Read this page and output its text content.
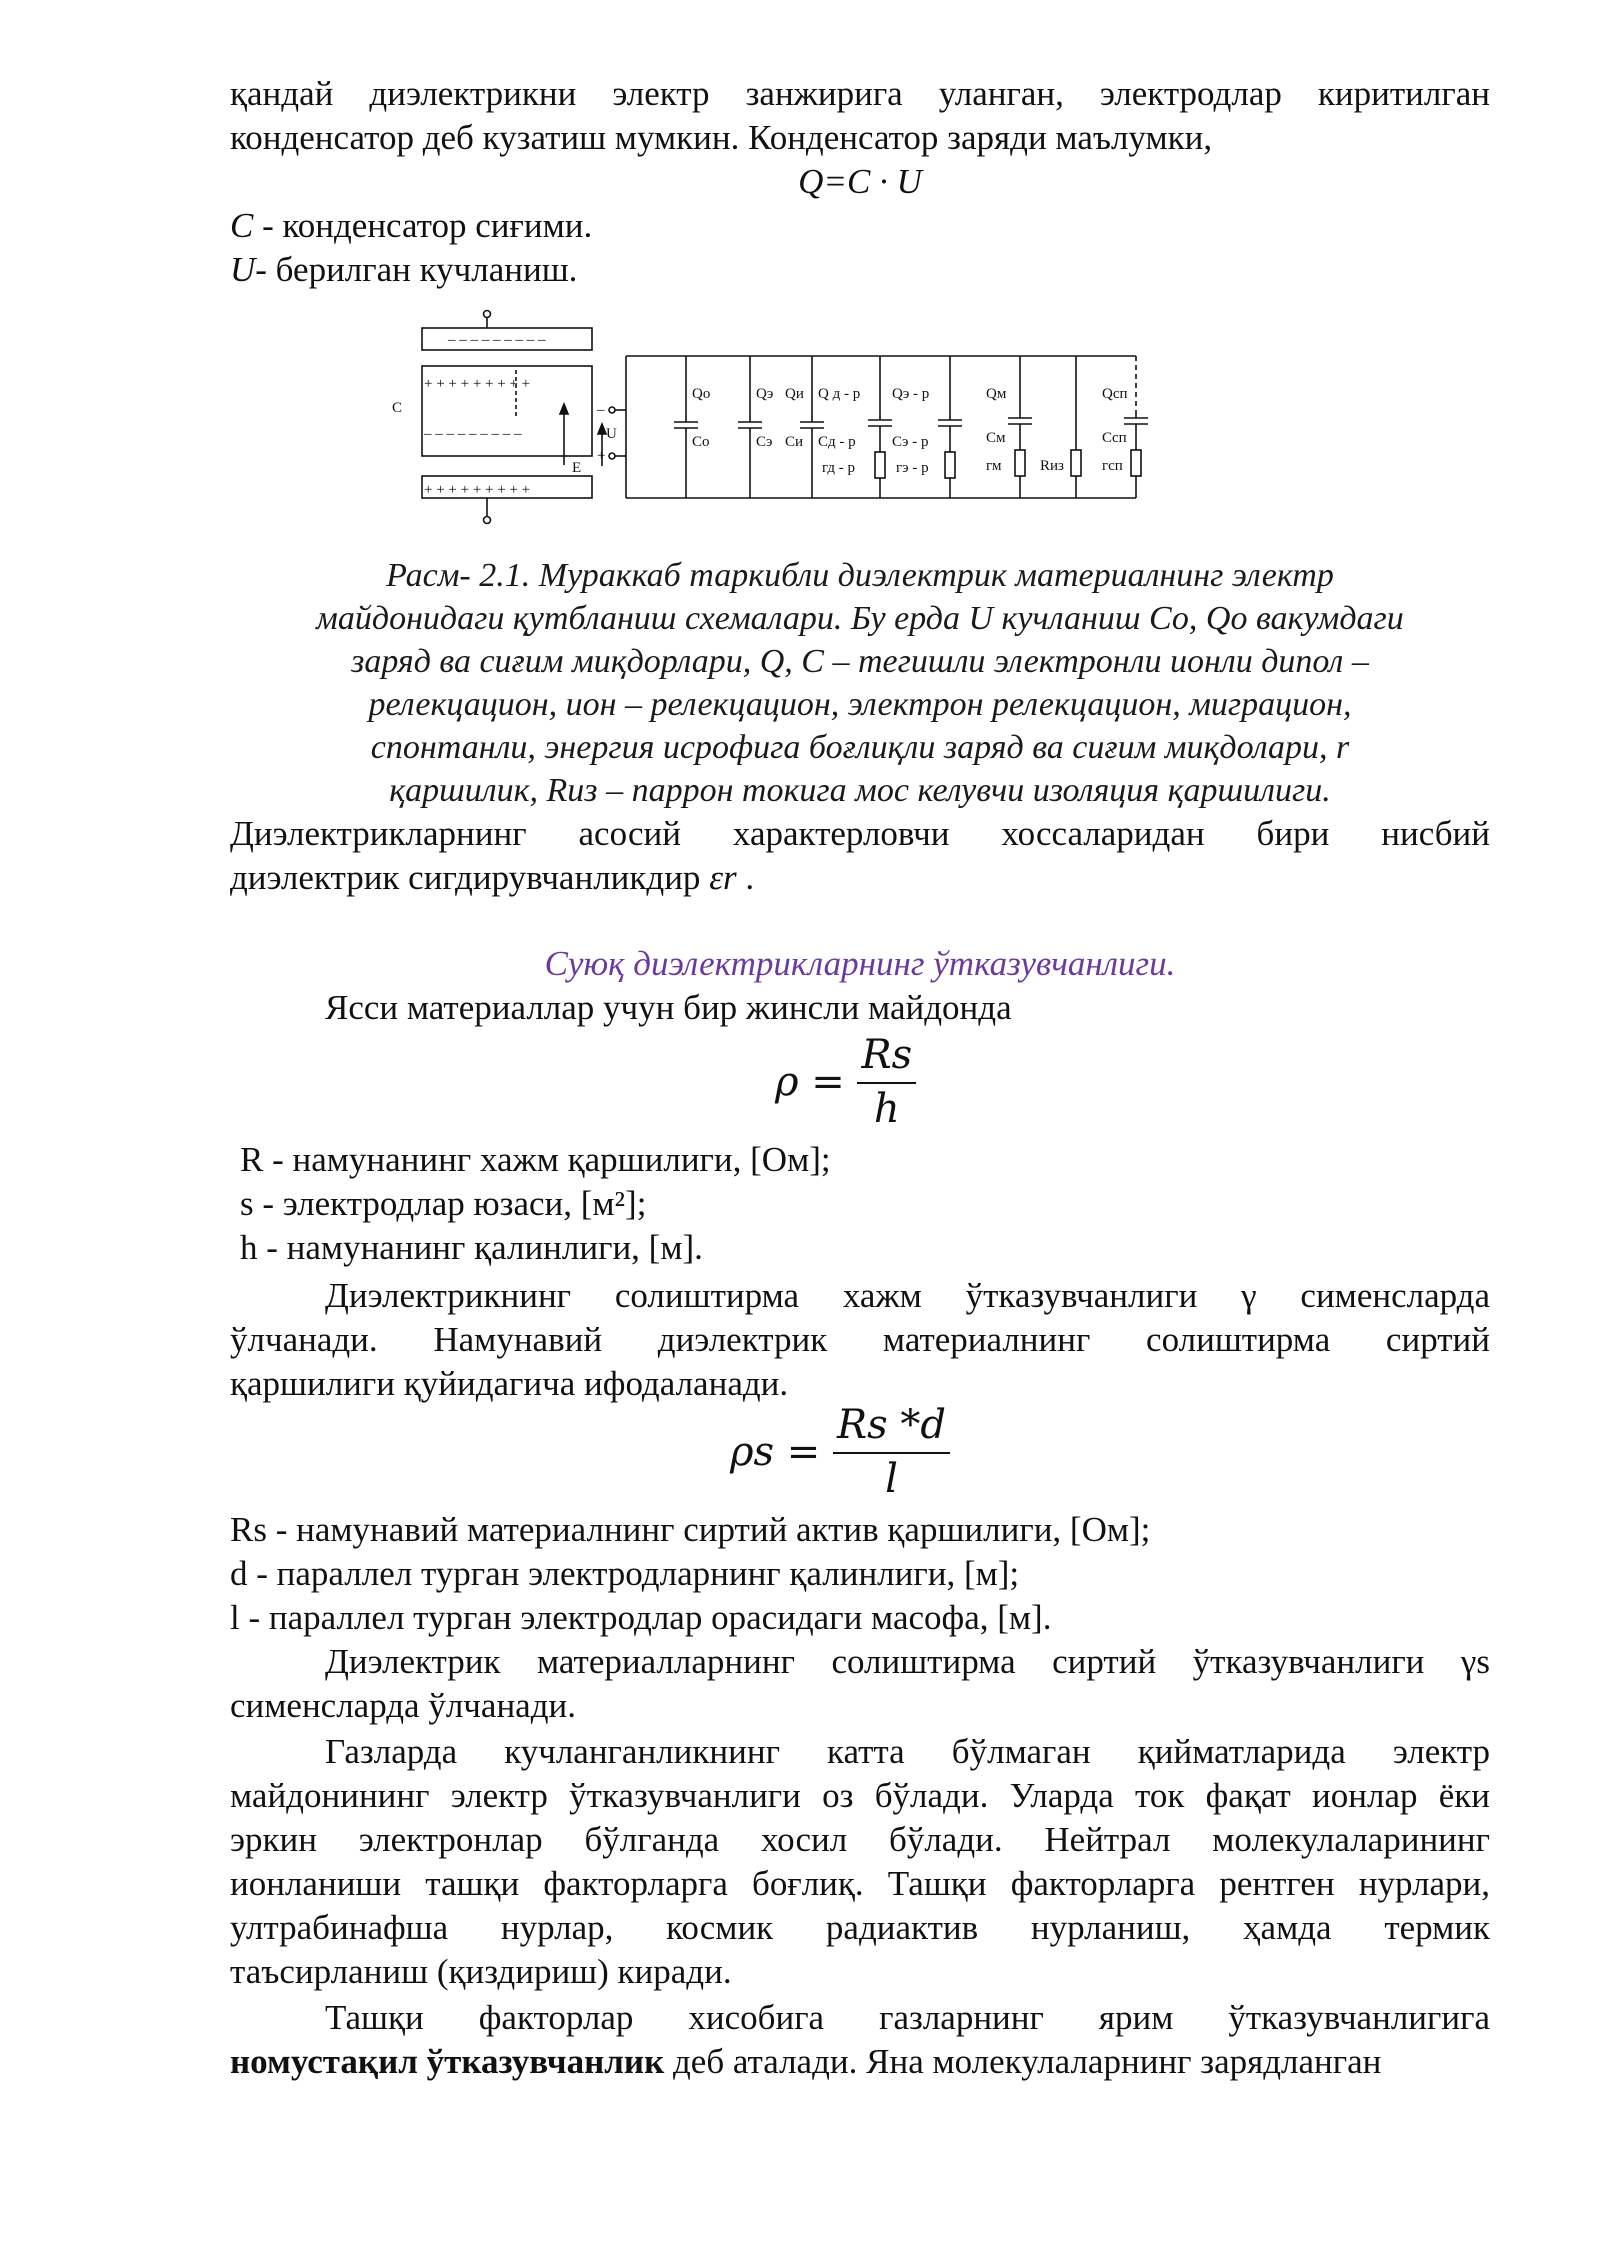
қандай диэлектрикни электр занжирига уланган, электродлар киритилган
конденсатор деб кузатиш мумкин. Конденсатор заряди маълумки,
Q=C · U
C - конденсатор сиғими.
U- берилган кучланиш.
– – – – – – – – –
+ + + + + + + + +
– – – – – – – – –
+ + + + + + + + +
C
E
–
+
U
Qо
Cо
Qэ
Cэ
Qи
Cи
Q д - р
Cд - р
гд - р
Qэ - р
Cэ - р
гэ - р
Qм
Cм
гм	Rиз
Qсп
Cсп
гсп
Расм- 2.1. Мураккаб таркибли диэлектрик материалнинг электр
майдонидаги қутбланиш схемалари. Бу ерда U кучланиш Со, Qо вакумдаги
заряд ва сиғим миқдорлари, Q, С – тегишли электронли ионли дипол –
релекцацион, ион – релекцацион, электрон релекцацион, миграцион,
спонтанли, энергия исрофига боғлиқли заряд ва сиғим миқдолари, r
қаршилик, Rиз – паррон токига мос келувчи изоляция қаршилиги.
Диэлектрикларнинг асосий характерловчи хоссаларидан бири нисбий
диэлектрик сигдирувчанликдир εr .
Суюқ диэлектрикларнинг ўтказувчанлиги.
Ясси материаллар учун бир жинсли майдонда
$\rho = \frac{Rs}{h}$
R - намунанинг хажм қаршилиги, [Ом];
s - электродлар юзаси, [м²];
h - намунанинг қалинлиги, [м].
Диэлектрикнинг солиштирма хажм ўтказувчанлиги γ сименсларда
ўлчанади. Намунавий диэлектрик материалнинг солиштирма сиртий
қаршилиги қуйидагича ифодаланади.
$\rho s = \frac{Rs *d}{l}$
Rs - намунавий материалнинг сиртий актив қаршилиги, [Ом];
d - параллел турган электродларнинг қалинлиги, [м];
l - параллел турган электродлар орасидаги масофа, [м].
Диэлектрик материалларнинг солиштирма сиртий ўтказувчанлиги γs
сименсларда ўлчанади.
Газларда кучланганликнинг катта бўлмаган қийматларида электр
майдонининг электр ўтказувчанлиги оз бўлади. Уларда ток фақат ионлар ёки
эркин электронлар бўлганда хосил бўлади. Нейтрал молекулаларининг
ионланиши ташқи факторларга боғлиқ. Ташқи факторларга рентген нурлари,
ултрабинафша нурлар, космик радиактив нурланиш, ҳамда термик
таъсирланиш (қиздириш) киради.
Ташқи факторлар хисобига газларнинг ярим ўтказувчанлигига
номустақил ўтказувчанлик деб аталади. Яна молекулаларнинг зарядланган
